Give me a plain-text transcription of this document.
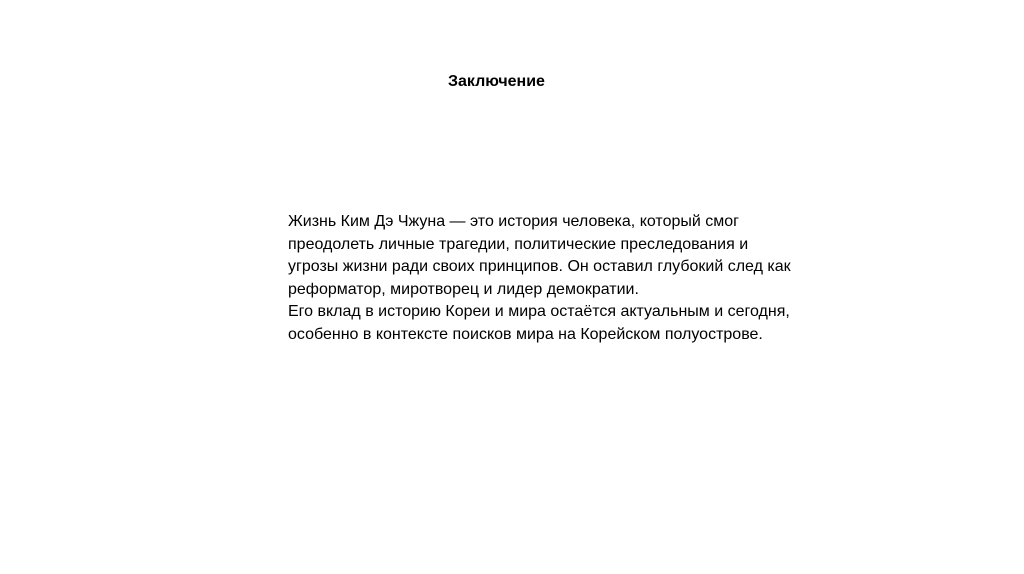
Заключение

Жизнь Ким Дэ Чжуна — это история человека, который смог преодолеть личные трагедии, политические преследования и угрозы жизни ради своих принципов. Он оставил глубокий след как реформатор, миротворец и лидер демократии.

Его вклад в историю Кореи и мира остаётся актуальным и сегодня, особенно в контексте поисков мира на Корейском полуострове.
